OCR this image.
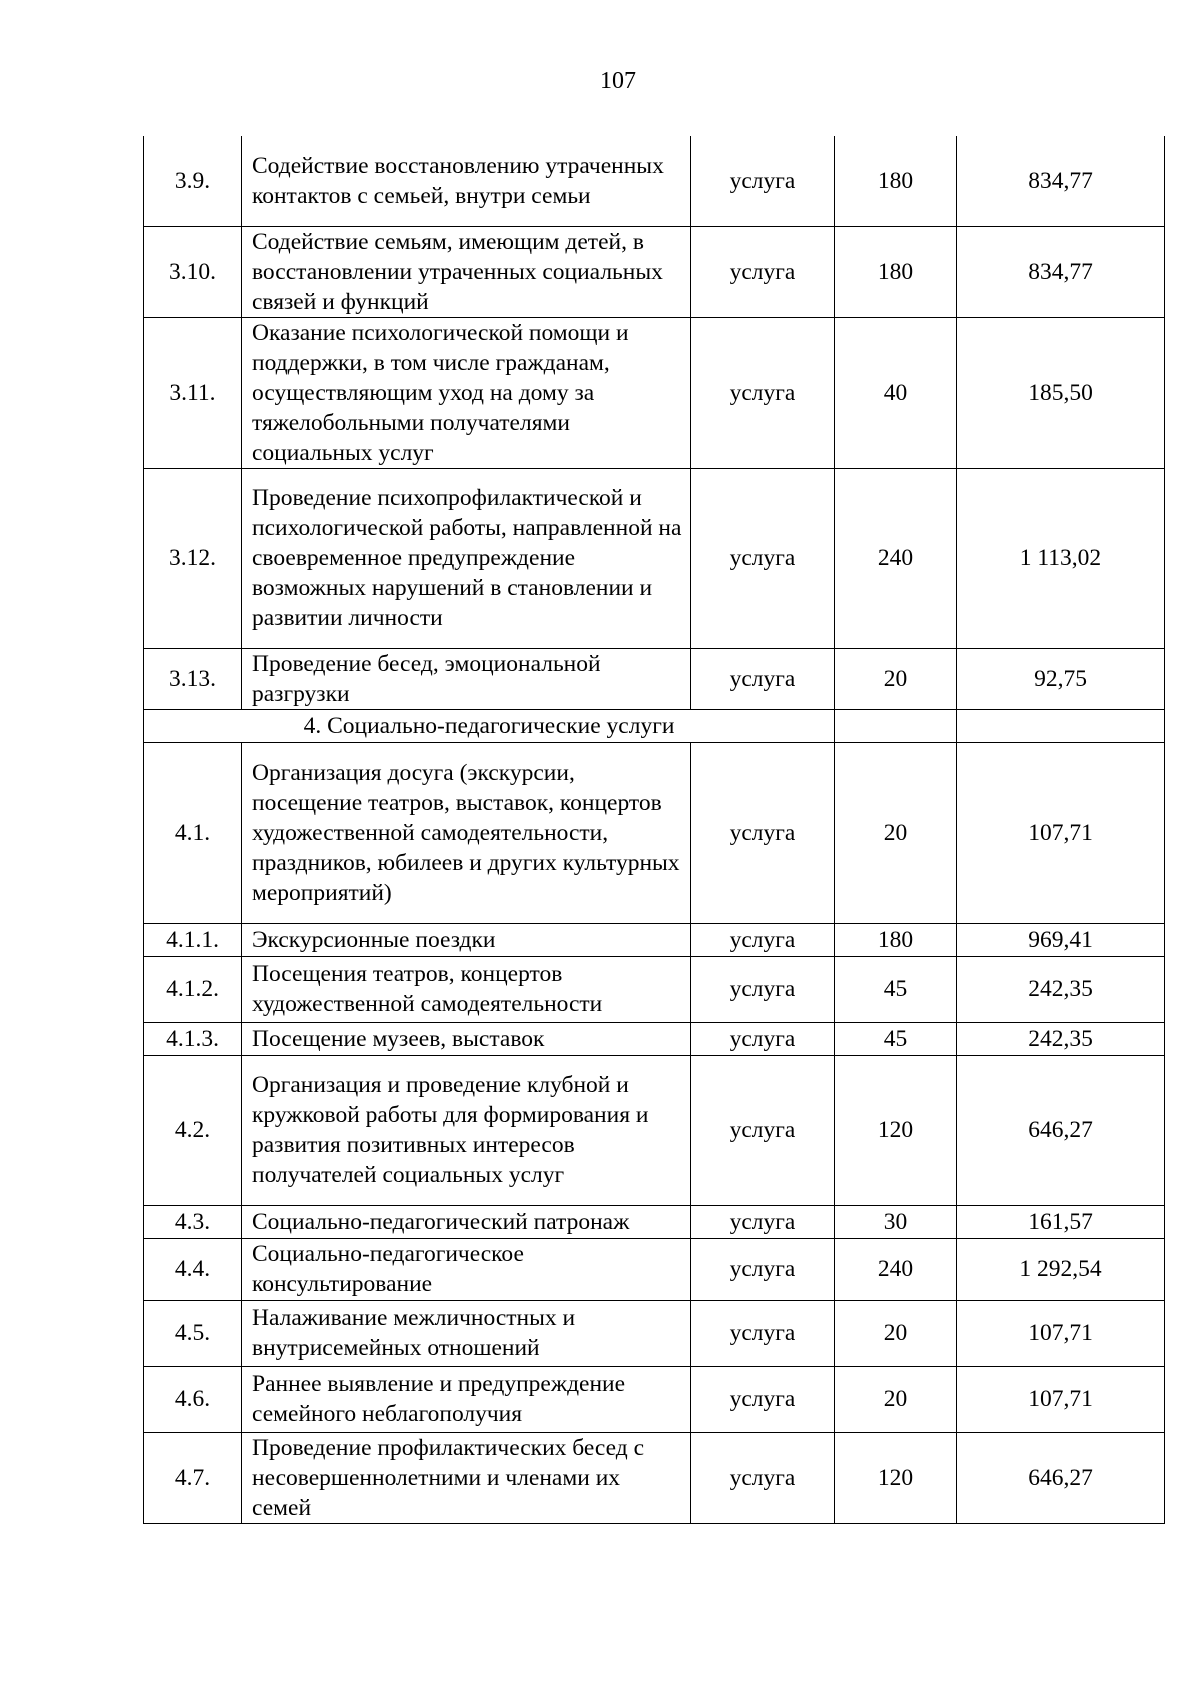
107
3.9.	Содействие восстановлению утраченных контактов с семьей, внутри семьи	услуга	180	834,77
3.10.	Содействие семьям, имеющим детей, в восстановлении утраченных социальных связей и функций	услуга	180	834,77
3.11.	Оказание психологической помощи и поддержки, в том числе гражданам, осуществляющим уход на дому за тяжелобольными получателями социальных услуг	услуга	40	185,50
3.12.	Проведение психопрофилактической и психологической работы, направленной на своевременное предупреждение возможных нарушений в становлении и развитии личности	услуга	240	1 113,02
3.13.	Проведение бесед, эмоциональной разгрузки	услуга	20	92,75
4. Социально-педагогические услуги				
4.1.	Организация досуга (экскурсии, посещение театров, выставок, концертов художественной самодеятельности, праздников, юбилеев и других культурных мероприятий)	услуга	20	107,71
4.1.1.	Экскурсионные поездки	услуга	180	969,41
4.1.2.	Посещения театров, концертов художественной самодеятельности	услуга	45	242,35
4.1.3.	Посещение музеев, выставок	услуга	45	242,35
4.2.	Организация и проведение клубной и кружковой работы для формирования и развития позитивных интересов получателей социальных услуг	услуга	120	646,27
4.3.	Социально-педагогический патронаж	услуга	30	161,57
4.4.	Социально-педагогическое консультирование	услуга	240	1 292,54
4.5.	Налаживание межличностных и внутрисемейных отношений	услуга	20	107,71
4.6.	Раннее выявление и предупреждение семейного неблагополучия	услуга	20	107,71
4.7.	Проведение профилактических бесед с несовершеннолетними и членами их семей	услуга	120	646,27
